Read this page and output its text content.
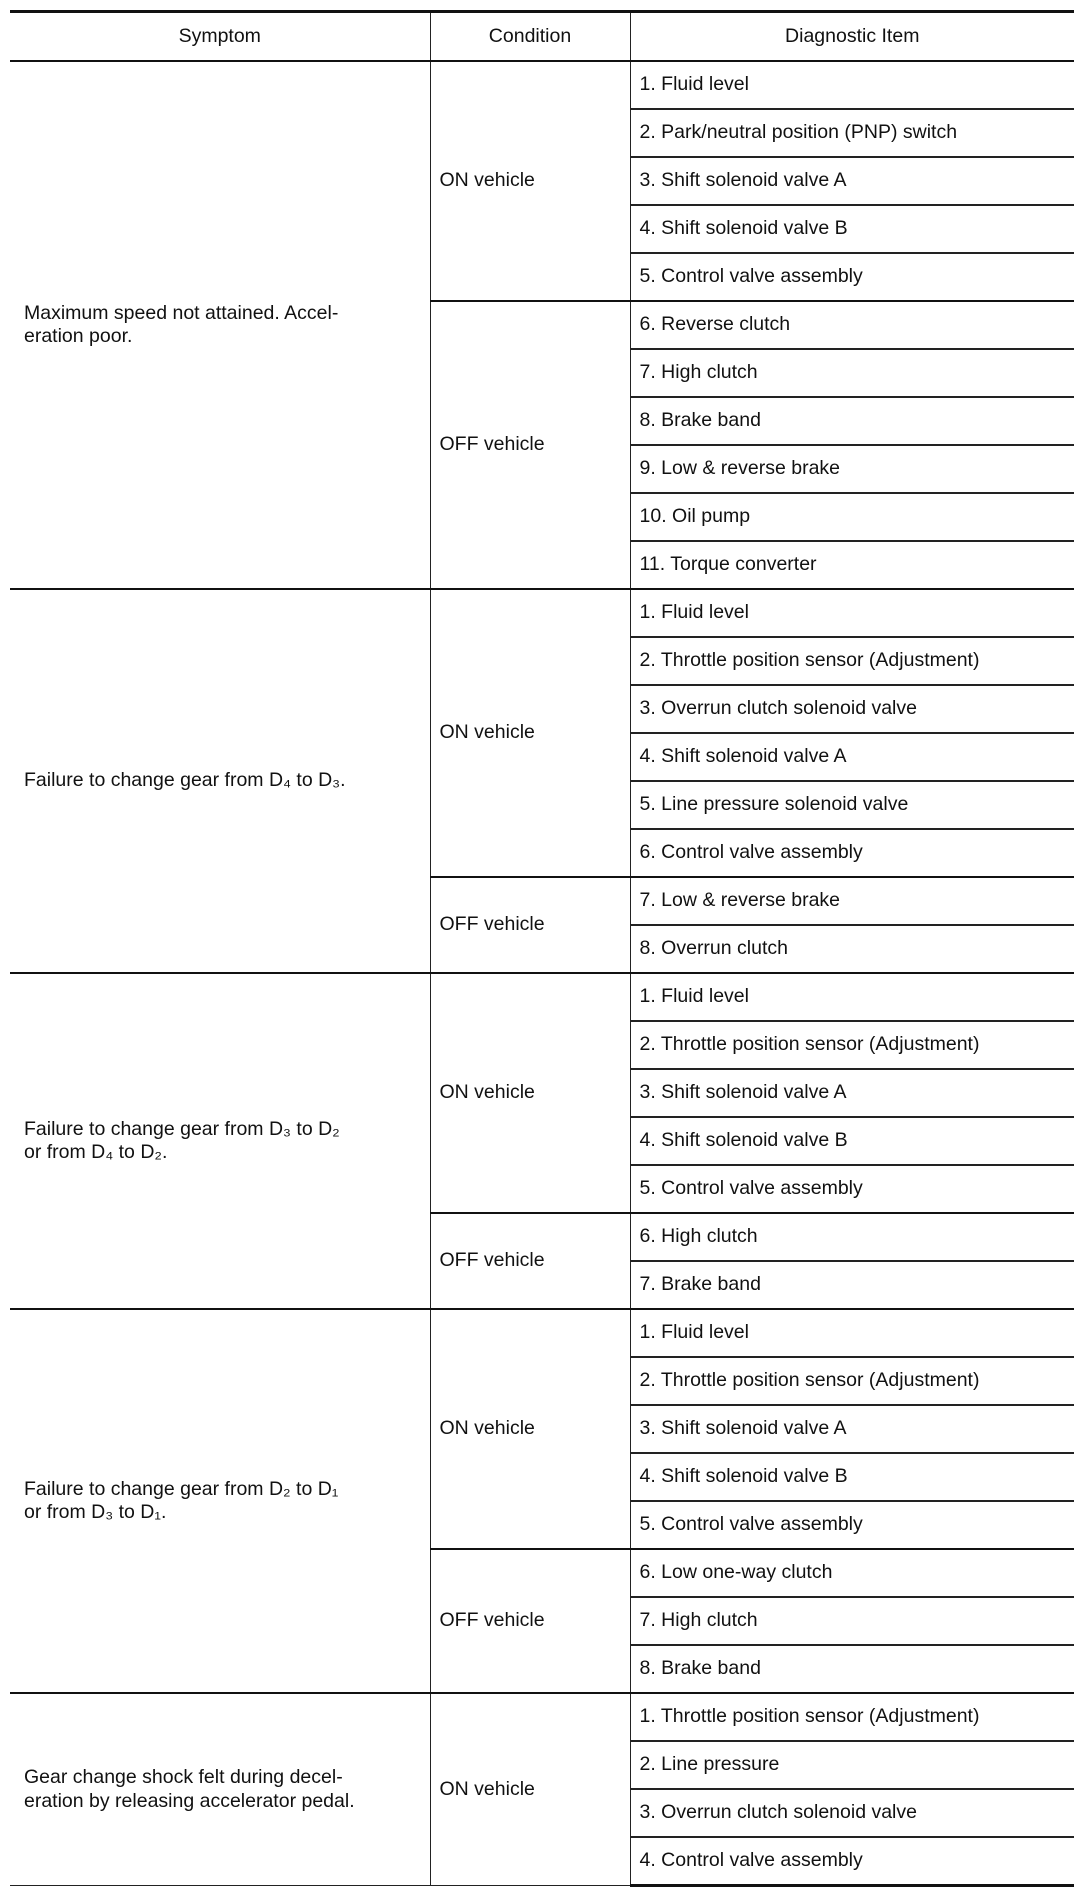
Symptom	Condition	Diagnostic Item
Maximum speed not attained. Accel-
eration poor.	ON vehicle	1. Fluid level
		2. Park/neutral position (PNP) switch
		3. Shift solenoid valve A
		4. Shift solenoid valve B
		5. Control valve assembly
	OFF vehicle	6. Reverse clutch
		7. High clutch
		8. Brake band
		9. Low & reverse brake
		10. Oil pump
		11. Torque converter
Failure to change gear from D₄ to D₃.	ON vehicle	1. Fluid level
		2. Throttle position sensor (Adjustment)
		3. Overrun clutch solenoid valve
		4. Shift solenoid valve A
		5. Line pressure solenoid valve
		6. Control valve assembly
	OFF vehicle	7. Low & reverse brake
		8. Overrun clutch
Failure to change gear from D₃ to D₂
or from D₄ to D₂.	ON vehicle	1. Fluid level
		2. Throttle position sensor (Adjustment)
		3. Shift solenoid valve A
		4. Shift solenoid valve B
		5. Control valve assembly
	OFF vehicle	6. High clutch
		7. Brake band
Failure to change gear from D₂ to D₁
or from D₃ to D₁.	ON vehicle	1. Fluid level
		2. Throttle position sensor (Adjustment)
		3. Shift solenoid valve A
		4. Shift solenoid valve B
		5. Control valve assembly
	OFF vehicle	6. Low one-way clutch
		7. High clutch
		8. Brake band
Gear change shock felt during decel-
eration by releasing accelerator pedal.	ON vehicle	1. Throttle position sensor (Adjustment)
		2. Line pressure
		3. Overrun clutch solenoid valve
		4. Control valve assembly
